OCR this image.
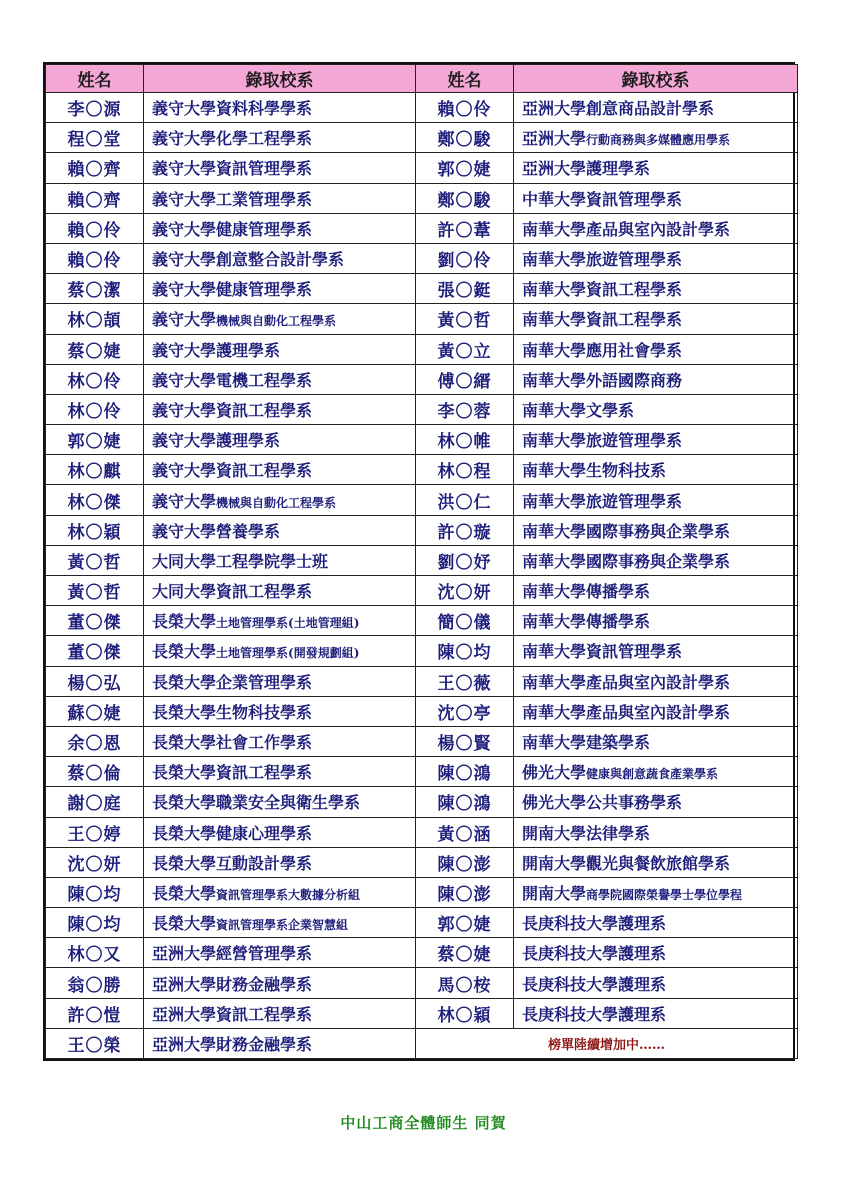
姓名	錄取校系	姓名	錄取校系
李〇源	義守大學資料科學學系	賴〇伶	亞洲大學創意商品設計學系
程〇堂	義守大學化學工程學系	鄭〇駿	亞洲大學行動商務與多媒體應用學系
賴〇齊	義守大學資訊管理學系	郭〇婕	亞洲大學護理學系
賴〇齊	義守大學工業管理學系	鄭〇駿	中華大學資訊管理學系
賴〇伶	義守大學健康管理學系	許〇葦	南華大學產品與室內設計學系
賴〇伶	義守大學創意整合設計學系	劉〇伶	南華大學旅遊管理學系
蔡〇潔	義守大學健康管理學系	張〇鋌	南華大學資訊工程學系
林〇頡	義守大學機械與自動化工程學系	黃〇哲	南華大學資訊工程學系
蔡〇婕	義守大學護理學系	黃〇立	南華大學應用社會學系
林〇伶	義守大學電機工程學系	傅〇縉	南華大學外語國際商務
林〇伶	義守大學資訊工程學系	李〇蓉	南華大學文學系
郭〇婕	義守大學護理學系	林〇帷	南華大學旅遊管理學系
林〇麒	義守大學資訊工程學系	林〇程	南華大學生物科技系
林〇傑	義守大學機械與自動化工程學系	洪〇仁	南華大學旅遊管理學系
林〇穎	義守大學營養學系	許〇璇	南華大學國際事務與企業學系
黃〇哲	大同大學工程學院學士班	劉〇妤	南華大學國際事務與企業學系
黃〇哲	大同大學資訊工程學系	沈〇妍	南華大學傳播學系
董〇傑	長榮大學土地管理學系(土地管理組)	簡〇儀	南華大學傳播學系
董〇傑	長榮大學土地管理學系(開發規劃組)	陳〇均	南華大學資訊管理學系
楊〇弘	長榮大學企業管理學系	王〇薇	南華大學產品與室內設計學系
蘇〇婕	長榮大學生物科技學系	沈〇亭	南華大學產品與室內設計學系
余〇恩	長榮大學社會工作學系	楊〇賢	南華大學建築學系
蔡〇倫	長榮大學資訊工程學系	陳〇鴻	佛光大學健康與創意蔬食產業學系
謝〇庭	長榮大學職業安全與衛生學系	陳〇鴻	佛光大學公共事務學系
王〇婷	長榮大學健康心理學系	黃〇涵	開南大學法律學系
沈〇妍	長榮大學互動設計學系	陳〇澎	開南大學觀光與餐飲旅館學系
陳〇均	長榮大學資訊管理學系大數據分析組	陳〇澎	開南大學商學院國際榮譽學士學位學程
陳〇均	長榮大學資訊管理學系企業智慧組	郭〇婕	長庚科技大學護理系
林〇又	亞洲大學經營管理學系	蔡〇婕	長庚科技大學護理系
翁〇勝	亞洲大學財務金融學系	馬〇桉	長庚科技大學護理系
許〇愷	亞洲大學資訊工程學系	林〇穎	長庚科技大學護理系
王〇榮	亞洲大學財務金融學系	榜單陸續增加中……	
中山工商全體師生 同賀
